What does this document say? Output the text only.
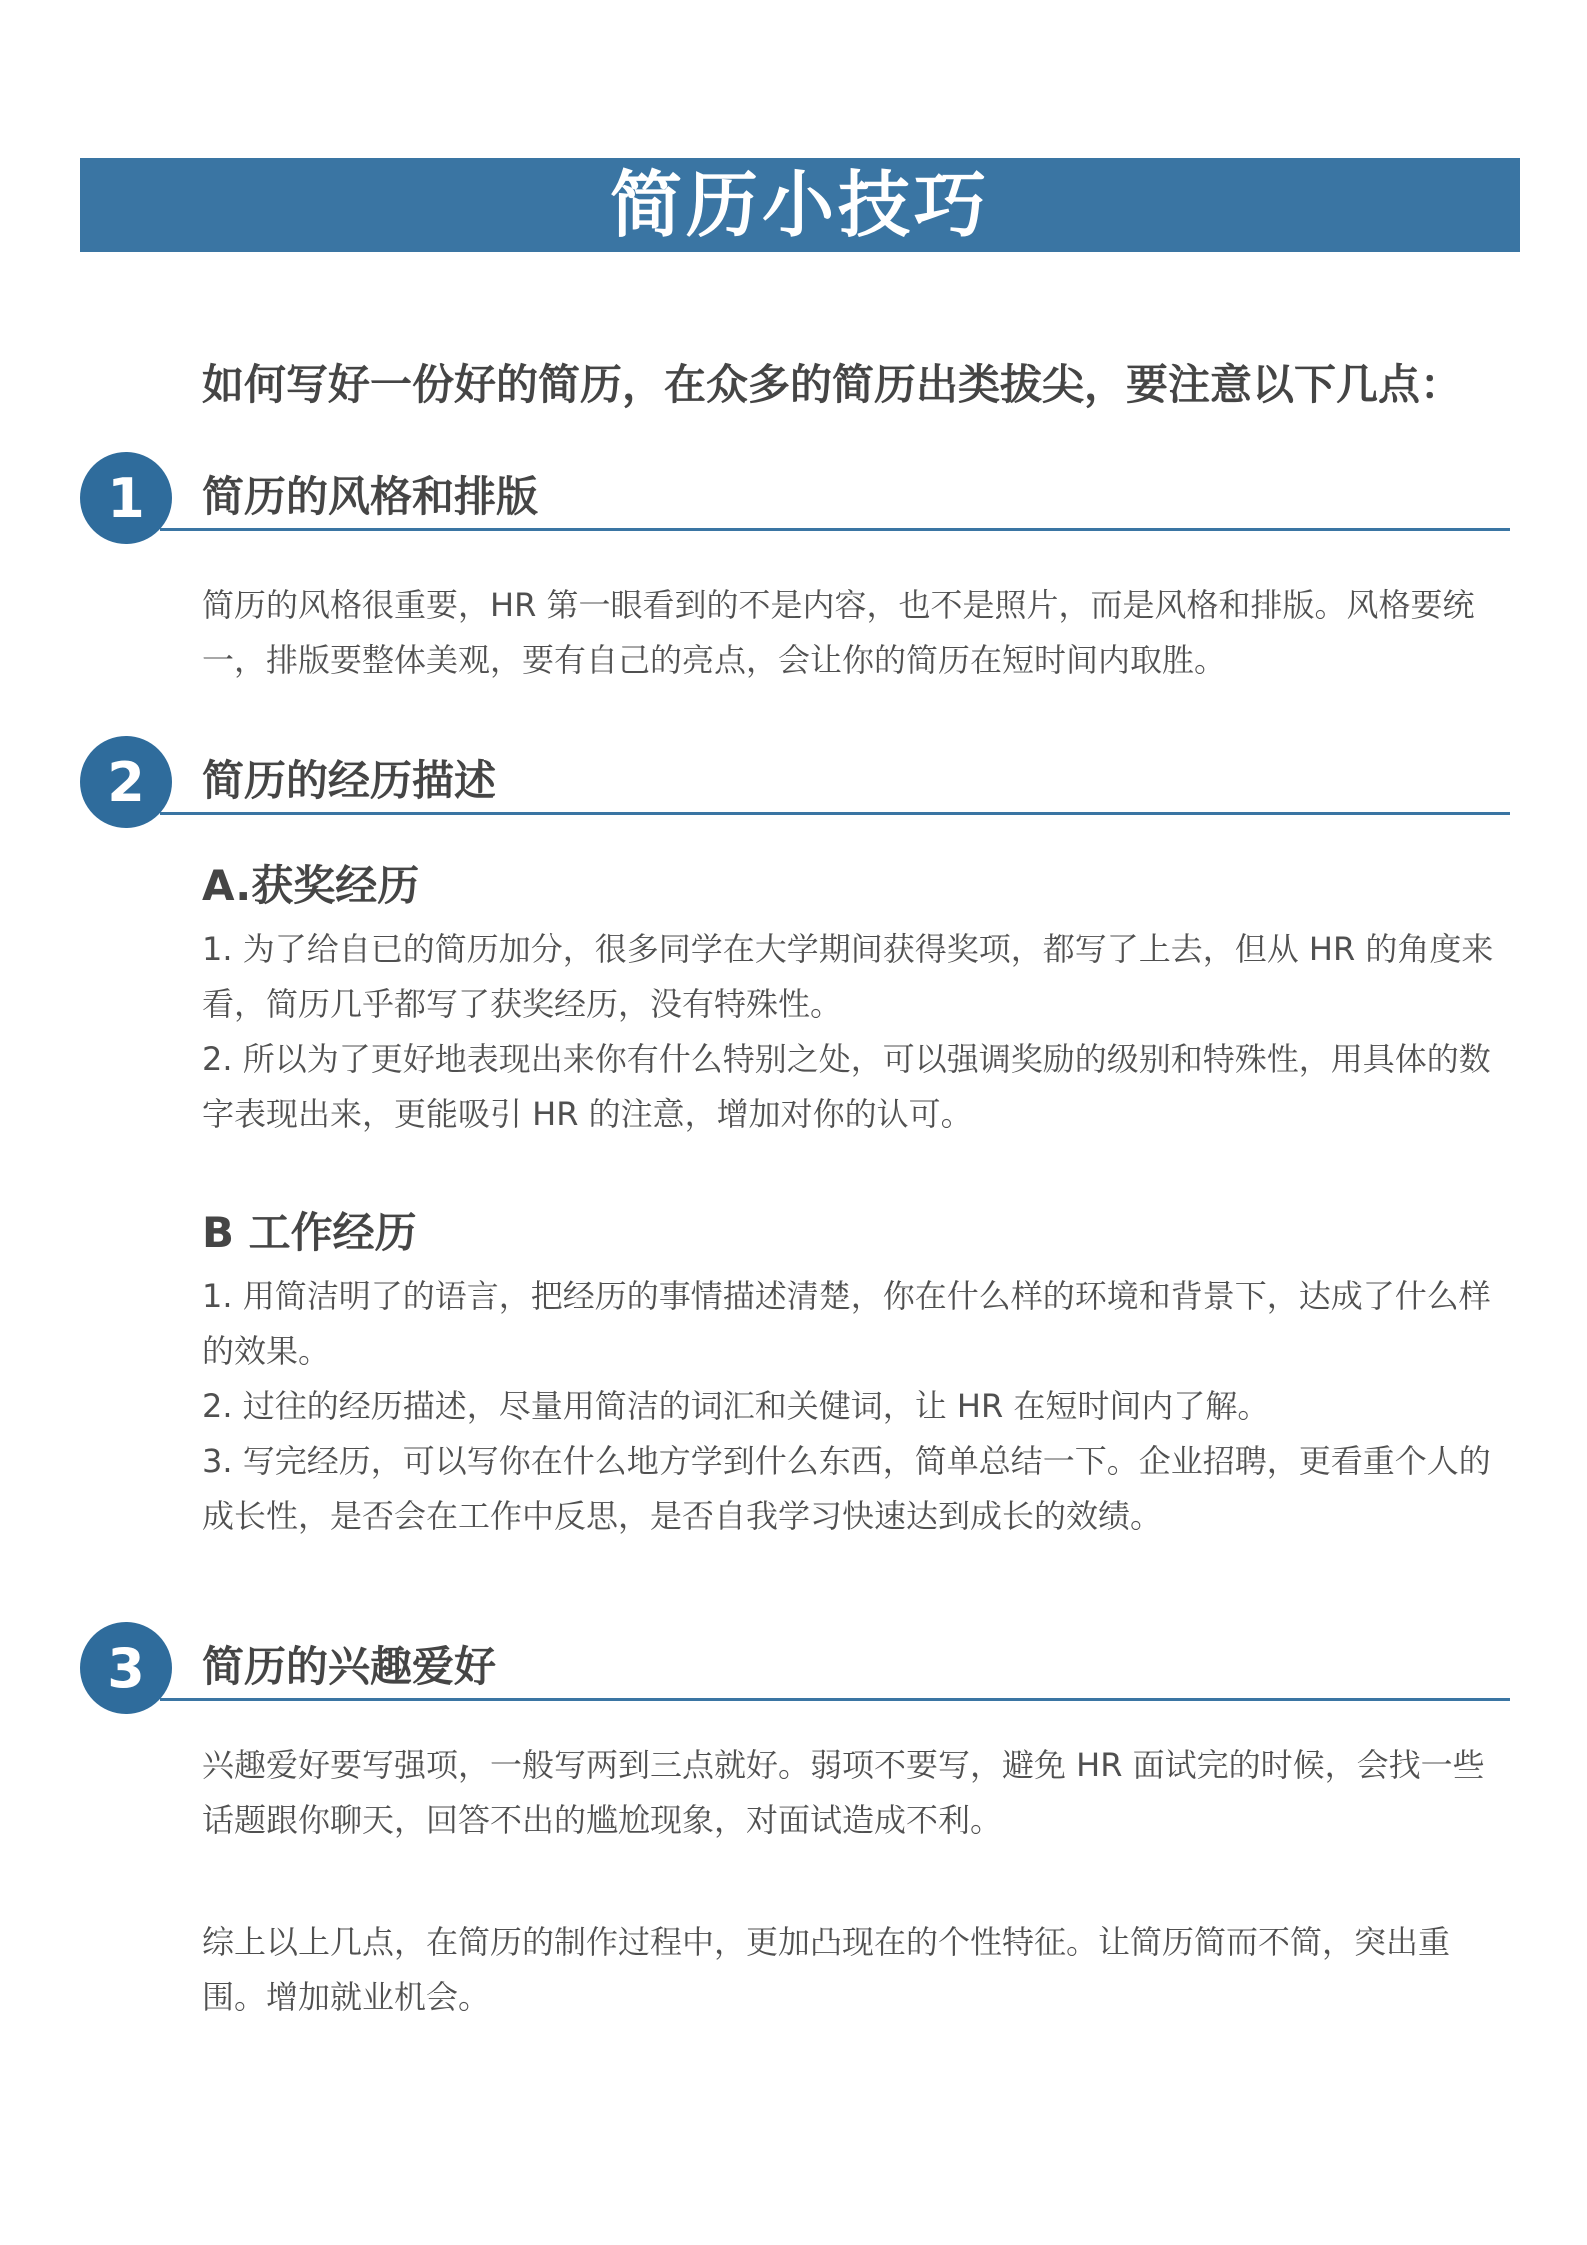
简历小技巧
如何写好一份好的简历，在众多的简历出类拔尖，要注意以下几点：
1	简历的风格和排版

简历的风格很重要，HR 第一眼看到的不是内容，也不是照片，而是风格和排版。风格要统一，排版要整体美观，要有自己的亮点，会让你的简历在短时间内取胜。

2	简历的经历描述
A.获奖经历

1. 为了给自已的简历加分，很多同学在大学期间获得奖项，都写了上去，但从 HR 的角度来看，简历几乎都写了获奖经历，没有特殊性。

2. 所以为了更好地表现出来你有什么特别之处，可以强调奖励的级别和特殊性，用具体的数字表现出来，更能吸引 HR 的注意，增加对你的认可。

B 工作经历

1. 用简洁明了的语言，把经历的事情描述清楚，你在什么样的环境和背景下，达成了什么样的效果。

2. 过往的经历描述，尽量用简洁的词汇和关健词，让 HR 在短时间内了解。

3. 写完经历，可以写你在什么地方学到什么东西，简单总结一下。企业招聘，更看重个人的成长性，是否会在工作中反思，是否自我学习快速达到成长的效绩。

3	简历的兴趣爱好

兴趣爱好要写强项，一般写两到三点就好。弱项不要写，避免 HR 面试完的时候，会找一些话题跟你聊天，回答不出的尴尬现象，对面试造成不利。

综上以上几点，在简历的制作过程中，更加凸现在的个性特征。让简历简而不简，突出重围。增加就业机会。
